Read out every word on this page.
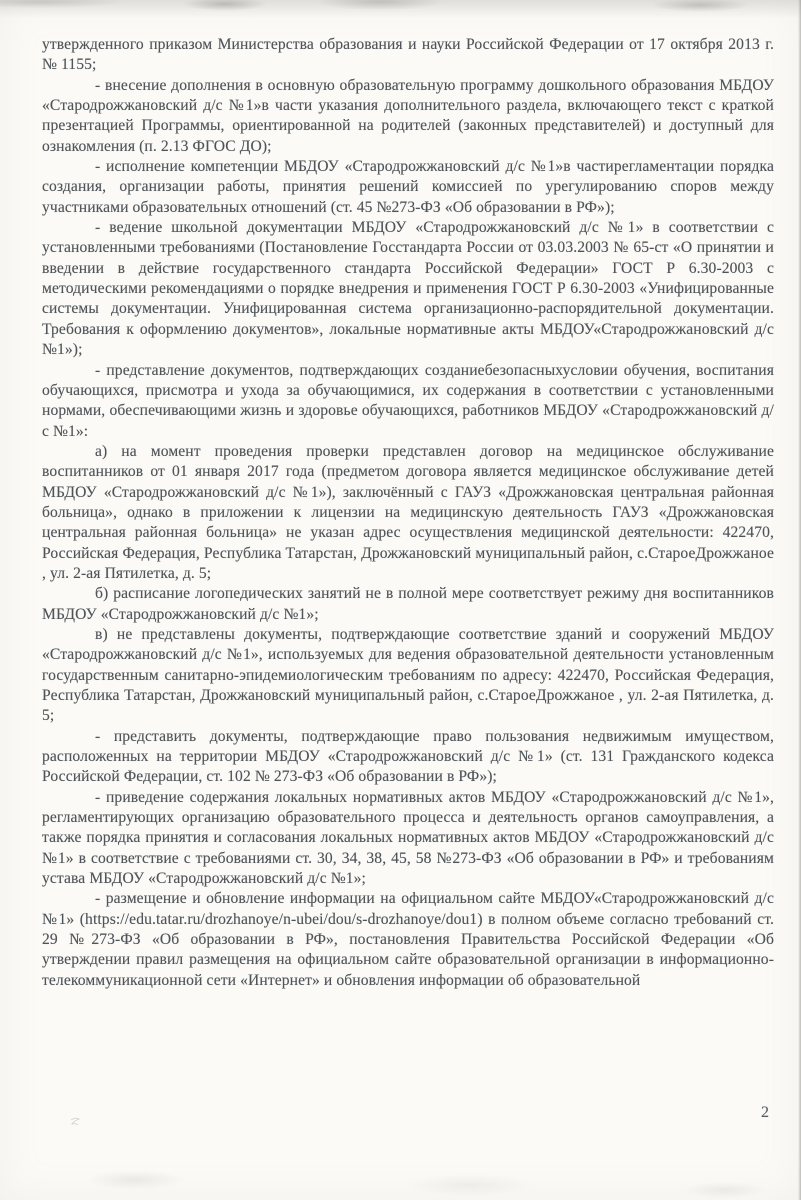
утвержденного приказом Министерства образования и науки Российской Федерации от 17 октября 2013 г. № 1155;

- внесение дополнения в основную образовательную программу дошкольного образования МБДОУ «Стародрожжановский д/с №1»в части указания дополнительного раздела, включающего текст с краткой презентацией Программы, ориентированной на родителей (законных представителей) и доступный для ознакомления (п. 2.13 ФГОС ДО);

- исполнение компетенции МБДОУ «Стародрожжановский д/с №1»в частирегламентации порядка создания, организации работы, принятия решений комиссией по урегулированию споров между участниками образовательных отношений (ст. 45 №273-ФЗ «Об образовании в РФ»);

- ведение школьной документации МБДОУ «Стародрожжановский д/с №1» в соответствии с установленными требованиями (Постановление Госстандарта России от 03.03.2003 № 65-ст «О принятии и введении в действие государственного стандарта Российской Федерации» ГОСТ Р 6.30-2003 с методическими рекомендациями о порядке внедрения и применения ГОСТ Р 6.30-2003 «Унифицированные системы документации. Унифицированная система организационно-распорядительной документации. Требования к оформлению документов», локальные нормативные акты МБДОУ«Стародрожжановский д/с №1»);

- представление документов, подтверждающих созданиебезопасныхусловии обучения, воспитания обучающихся, присмотра и ухода за обучающимися, их содержания в соответствии с установленными нормами, обеспечивающими жизнь и здоровье обучающихся, работников МБДОУ «Стародрожжановский д/с №1»:

а) на момент проведения проверки представлен договор на медицинское обслуживание воспитанников от 01 января 2017 года (предметом договора является медицинское обслуживание детей МБДОУ «Стародрожжановский д/с №1»), заключённый с ГАУЗ «Дрожжановская центральная районная больница», однако в приложении к лицензии на медицинскую деятельность ГАУЗ «Дрожжановская центральная районная больница» не указан адрес осуществления медицинской деятельности: 422470, Российская Федерация, Республика Татарстан, Дрожжановский муниципальный район, с.СтароеДрожжаное , ул. 2-ая Пятилетка, д. 5;

б) расписание логопедических занятий не в полной мере соответствует режиму дня воспитанников МБДОУ «Стародрожжановский д/с №1»;

в) не представлены документы, подтверждающие соответствие зданий и сооружений МБДОУ «Стародрожжановский д/с №1», используемых для ведения образовательной деятельности установленным государственным санитарно-эпидемиологическим требованиям по адресу: 422470, Российская Федерация, Республика Татарстан, Дрожжановский муниципальный район, с.СтароеДрожжаное , ул. 2-ая Пятилетка, д. 5;

- представить документы, подтверждающие право пользования недвижимым имуществом, расположенных на территории МБДОУ «Стародрожжановский д/с №1» (ст. 131 Гражданского кодекса Российской Федерации, ст. 102 № 273-ФЗ «Об образовании в РФ»);

- приведение содержания локальных нормативных актов МБДОУ «Стародрожжановский д/с №1», регламентирующих организацию образовательного процесса и деятельность органов самоуправления, а также порядка принятия и согласования локальных нормативных актов МБДОУ «Стародрожжановский д/с №1» в соответствие с требованиями ст. 30, 34, 38, 45, 58 №273-ФЗ «Об образовании в РФ» и требованиям устава МБДОУ «Стародрожжановский д/с №1»;

- размещение и обновление информации на официальном сайте МБДОУ«Стародрожжановский д/с №1» (https://edu.tatar.ru/drozhanoye/n-ubei/dou/s-drozhanoye/dou1) в полном объеме согласно требований ст. 29 №273-ФЗ «Об образовании в РФ», постановления Правительства Российской Федерации «Об утверждении правил размещения на официальном сайте образовательной организации в информационно-телекоммуникационной сети «Интернет» и обновления информации об образовательной

2
